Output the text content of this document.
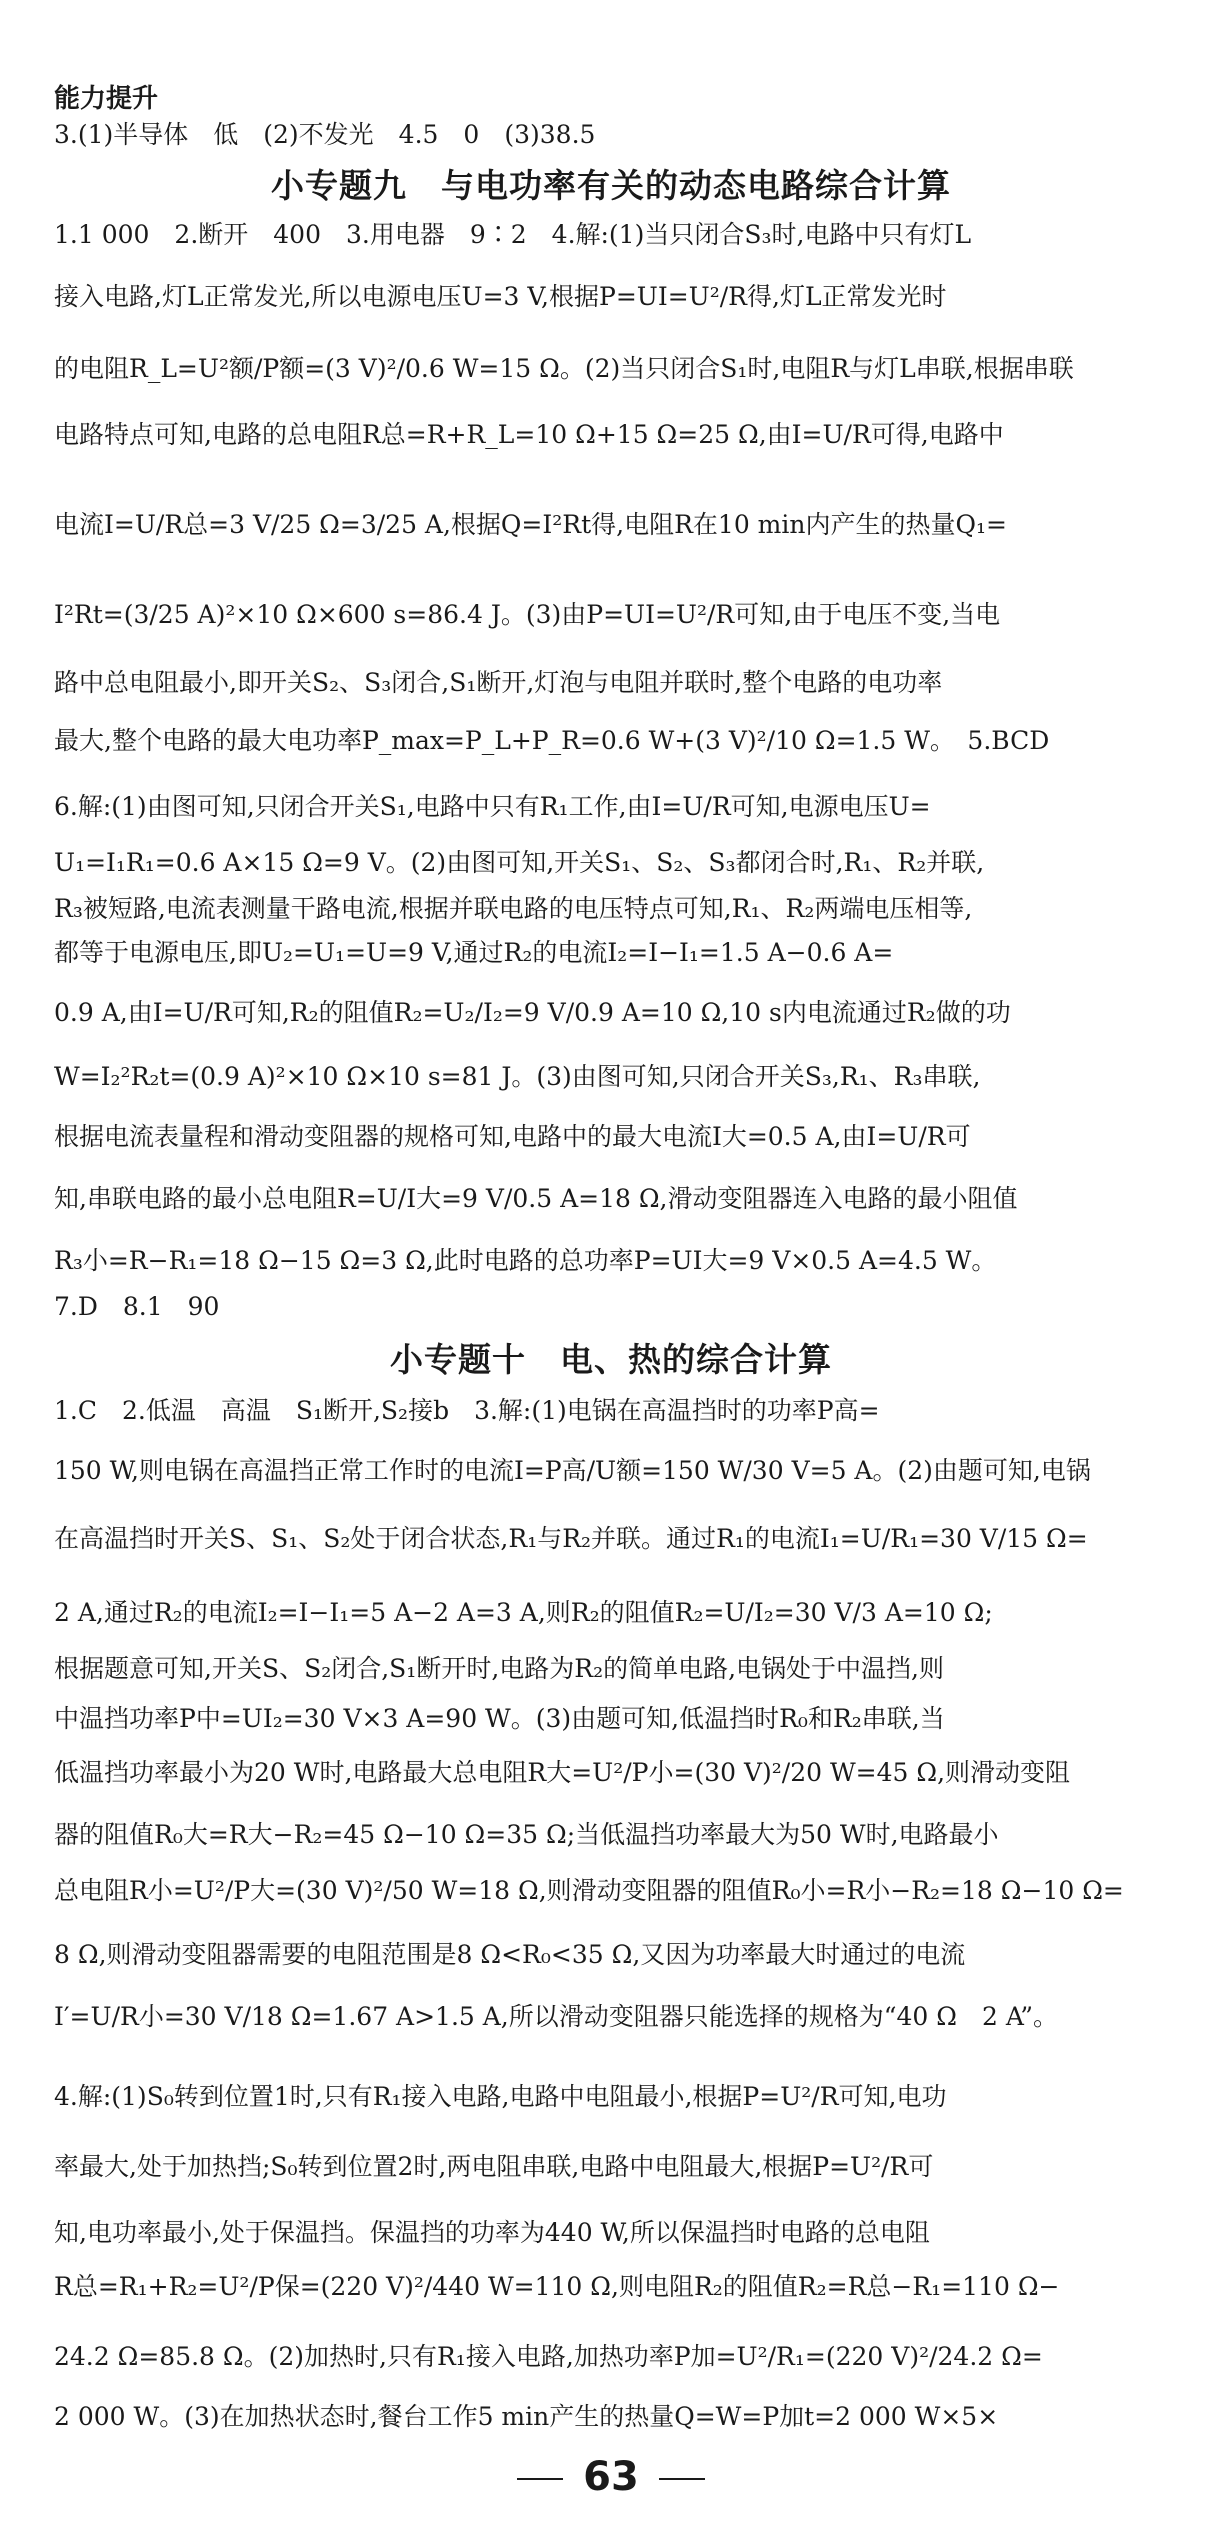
能力提升
3.(1)半导体　低　(2)不发光　4.5　0　(3)38.5
小专题九　与电功率有关的动态电路综合计算
1.1 000　2.断开　400　3.用电器　9∶2　4.解:(1)当只闭合S₃时,电路中只有灯L
接入电路,灯L正常发光,所以电源电压U=3 V,根据P=UI=U²/R得,灯L正常发光时
的电阻R_L=U²额/P额=(3 V)²/0.6 W=15 Ω。(2)当只闭合S₁时,电阻R与灯L串联,根据串联
电路特点可知,电路的总电阻R总=R+R_L=10 Ω+15 Ω=25 Ω,由I=U/R可得,电路中
电流I=U/R总=3 V/25 Ω=3/25 A,根据Q=I²Rt得,电阻R在10 min内产生的热量Q₁=
I²Rt=(3/25 A)²×10 Ω×600 s=86.4 J。(3)由P=UI=U²/R可知,由于电压不变,当电
路中总电阻最小,即开关S₂、S₃闭合,S₁断开,灯泡与电阻并联时,整个电路的电功率
最大,整个电路的最大电功率P_max=P_L+P_R=0.6 W+(3 V)²/10 Ω=1.5 W。　5.BCD
6.解:(1)由图可知,只闭合开关S₁,电路中只有R₁工作,由I=U/R可知,电源电压U=
U₁=I₁R₁=0.6 A×15 Ω=9 V。(2)由图可知,开关S₁、S₂、S₃都闭合时,R₁、R₂并联,
R₃被短路,电流表测量干路电流,根据并联电路的电压特点可知,R₁、R₂两端电压相等,
都等于电源电压,即U₂=U₁=U=9 V,通过R₂的电流I₂=I−I₁=1.5 A−0.6 A=
0.9 A,由I=U/R可知,R₂的阻值R₂=U₂/I₂=9 V/0.9 A=10 Ω,10 s内电流通过R₂做的功
W=I₂²R₂t=(0.9 A)²×10 Ω×10 s=81 J。(3)由图可知,只闭合开关S₃,R₁、R₃串联,
根据电流表量程和滑动变阻器的规格可知,电路中的最大电流I大=0.5 A,由I=U/R可
知,串联电路的最小总电阻R=U/I大=9 V/0.5 A=18 Ω,滑动变阻器连入电路的最小阻值
R₃小=R−R₁=18 Ω−15 Ω=3 Ω,此时电路的总功率P=UI大=9 V×0.5 A=4.5 W。
7.D　8.1　90
小专题十　电、热的综合计算
1.C　2.低温　高温　S₁断开,S₂接b　3.解:(1)电锅在高温挡时的功率P高=
150 W,则电锅在高温挡正常工作时的电流I=P高/U额=150 W/30 V=5 A。(2)由题可知,电锅
在高温挡时开关S、S₁、S₂处于闭合状态,R₁与R₂并联。通过R₁的电流I₁=U/R₁=30 V/15 Ω=
2 A,通过R₂的电流I₂=I−I₁=5 A−2 A=3 A,则R₂的阻值R₂=U/I₂=30 V/3 A=10 Ω;
根据题意可知,开关S、S₂闭合,S₁断开时,电路为R₂的简单电路,电锅处于中温挡,则
中温挡功率P中=UI₂=30 V×3 A=90 W。(3)由题可知,低温挡时R₀和R₂串联,当
低温挡功率最小为20 W时,电路最大总电阻R大=U²/P小=(30 V)²/20 W=45 Ω,则滑动变阻
器的阻值R₀大=R大−R₂=45 Ω−10 Ω=35 Ω;当低温挡功率最大为50 W时,电路最小
总电阻R小=U²/P大=(30 V)²/50 W=18 Ω,则滑动变阻器的阻值R₀小=R小−R₂=18 Ω−10 Ω=
8 Ω,则滑动变阻器需要的电阻范围是8 Ω<R₀<35 Ω,又因为功率最大时通过的电流
I′=U/R小=30 V/18 Ω=1.67 A>1.5 A,所以滑动变阻器只能选择的规格为“40 Ω　2 A”。
4.解:(1)S₀转到位置1时,只有R₁接入电路,电路中电阻最小,根据P=U²/R可知,电功
率最大,处于加热挡;S₀转到位置2时,两电阻串联,电路中电阻最大,根据P=U²/R可
知,电功率最小,处于保温挡。保温挡的功率为440 W,所以保温挡时电路的总电阻
R总=R₁+R₂=U²/P保=(220 V)²/440 W=110 Ω,则电阻R₂的阻值R₂=R总−R₁=110 Ω−
24.2 Ω=85.8 Ω。(2)加热时,只有R₁接入电路,加热功率P加=U²/R₁=(220 V)²/24.2 Ω=
2 000 W。(3)在加热状态时,餐台工作5 min产生的热量Q=W=P加t=2 000 W×5×
63
